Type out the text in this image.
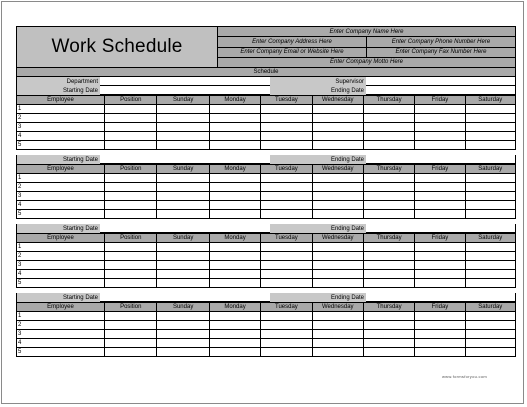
Work Schedule
Enter Company Name Here
Enter Company Address Here	Enter Company Phone Number Here
Enter Company Email or Website Here	Enter Company Fax Number Here
Enter Company Motto Here
Schedule
Department	Supervisor
Starting Date	Ending Date
Employee	Position	Sunday	Monday	Tuesday	Wednesday	Thursday	Friday	Saturday
1								
2								
3								
4								
5								
Starting Date	Ending Date
Employee	Position	Sunday	Monday	Tuesday	Wednesday	Thursday	Friday	Saturday
1								
2								
3								
4								
5								
Starting Date	Ending Date
Employee	Position	Sunday	Monday	Tuesday	Wednesday	Thursday	Friday	Saturday
1								
2								
3								
4								
5								
Starting Date	Ending Date
Employee	Position	Sunday	Monday	Tuesday	Wednesday	Thursday	Friday	Saturday
1								
2								
3								
4								
5								
www.formsforyou.com
